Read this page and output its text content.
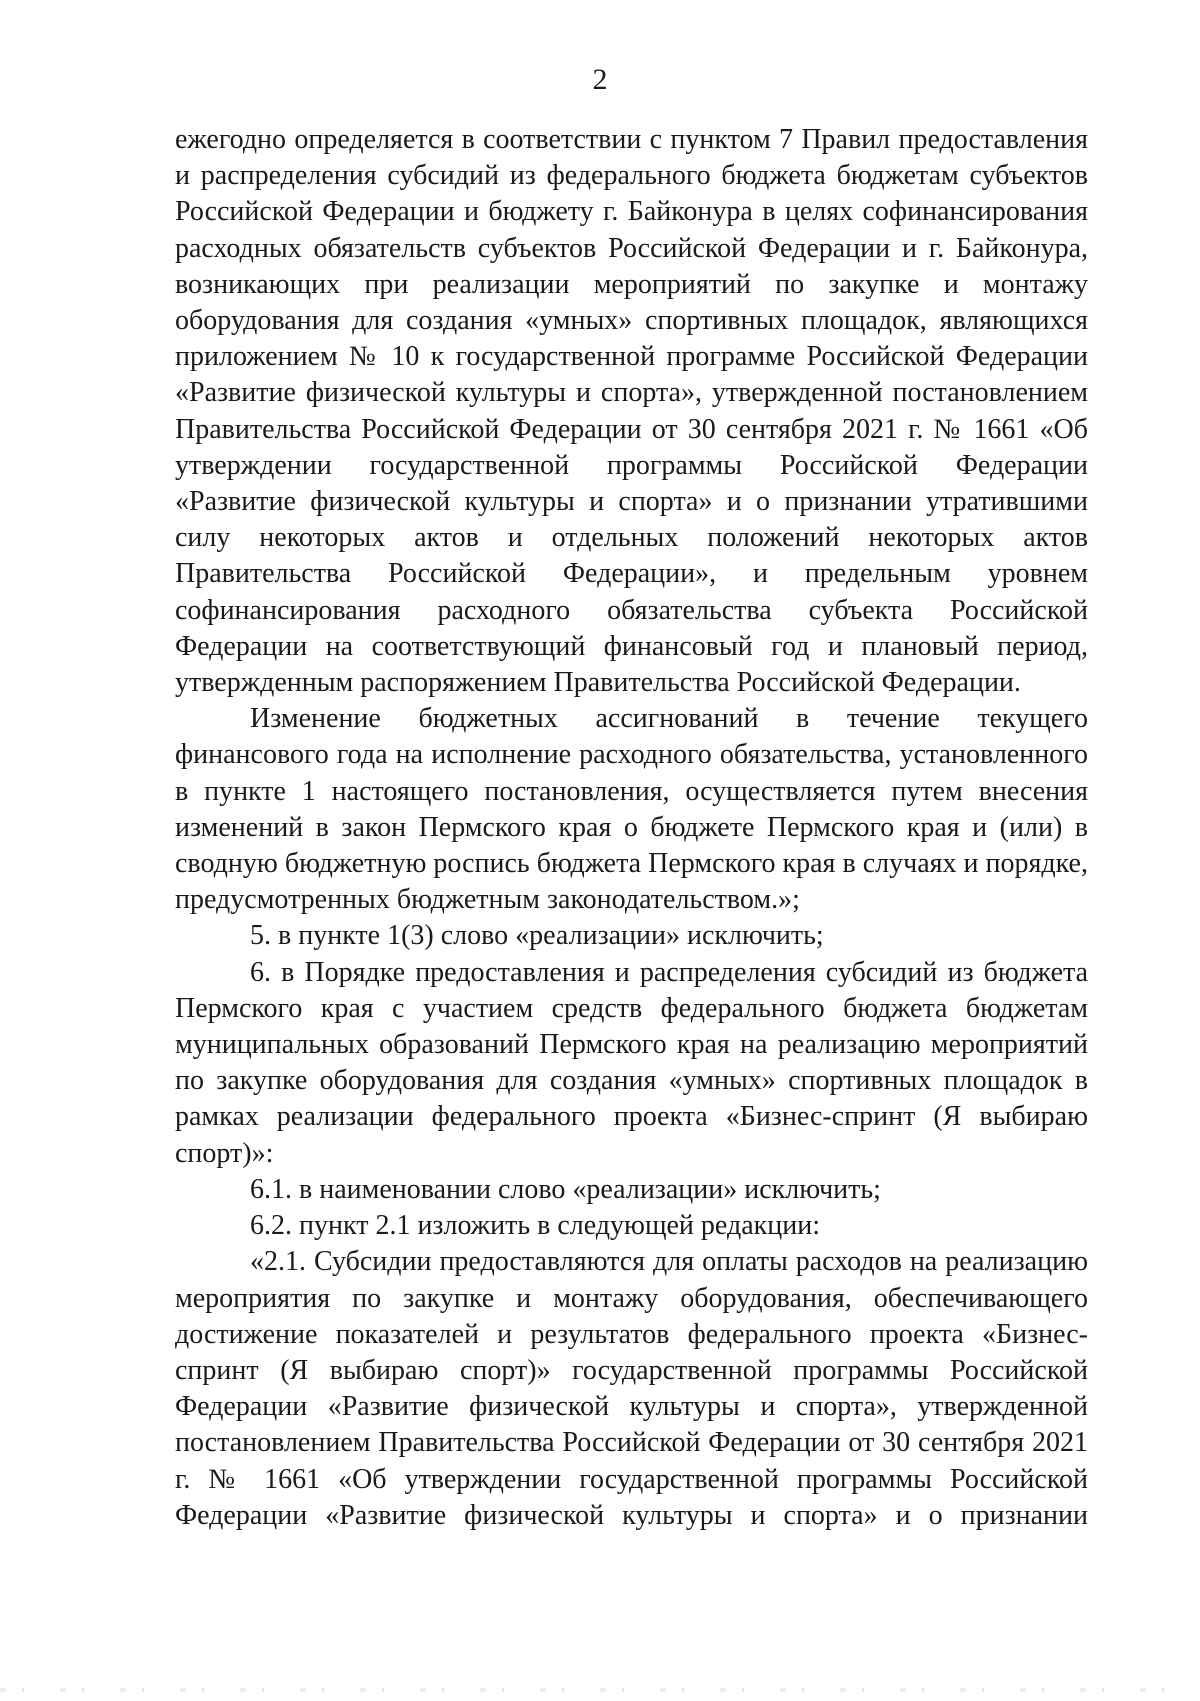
2

ежегодно определяется в соответствии с пунктом 7 Правил предоставления и распределения субсидий из федерального бюджета бюджетам субъектов Российской Федерации и бюджету г. Байконура в целях софинансирования расходных обязательств субъектов Российской Федерации и г. Байконура, возникающих при реализации мероприятий по закупке и монтажу оборудования для создания «умных» спортивных площадок, являющихся приложением № 10 к государственной программе Российской Федерации «Развитие физической культуры и спорта», утвержденной постановлением Правительства Российской Федерации от 30 сентября 2021 г. № 1661 «Об утверждении государственной программы Российской Федерации «Развитие физической культуры и спорта» и о признании утратившими силу некоторых актов и отдельных положений некоторых актов Правительства Российской Федерации», и предельным уровнем софинансирования расходного обязательства субъекта Российской Федерации на соответствующий финансовый год и плановый период, утвержденным распоряжением Правительства Российской Федерации.

Изменение бюджетных ассигнований в течение текущего финансового года на исполнение расходного обязательства, установленного в пункте 1 настоящего постановления, осуществляется путем внесения изменений в закон Пермского края о бюджете Пермского края и (или) в сводную бюджетную роспись бюджета Пермского края в случаях и порядке, предусмотренных бюджетным законодательством.»;

5. в пункте 1(3) слово «реализации» исключить;

6. в Порядке предоставления и распределения субсидий из бюджета Пермского края с участием средств федерального бюджета бюджетам муниципальных образований Пермского края на реализацию мероприятий по закупке оборудования для создания «умных» спортивных площадок в рамках реализации федерального проекта «Бизнес-спринт (Я выбираю спорт)»:

6.1. в наименовании слово «реализации» исключить;

6.2. пункт 2.1 изложить в следующей редакции:

«2.1. Субсидии предоставляются для оплаты расходов на реализацию мероприятия по закупке и монтажу оборудования, обеспечивающего достижение показателей и результатов федерального проекта «Бизнес-спринт (Я выбираю спорт)» государственной программы Российской Федерации «Развитие физической культуры и спорта», утвержденной постановлением Правительства Российской Федерации от 30 сентября 2021 г. № 1661 «Об утверждении государственной программы Российской Федерации «Развитие физической культуры и спорта» и о признании
